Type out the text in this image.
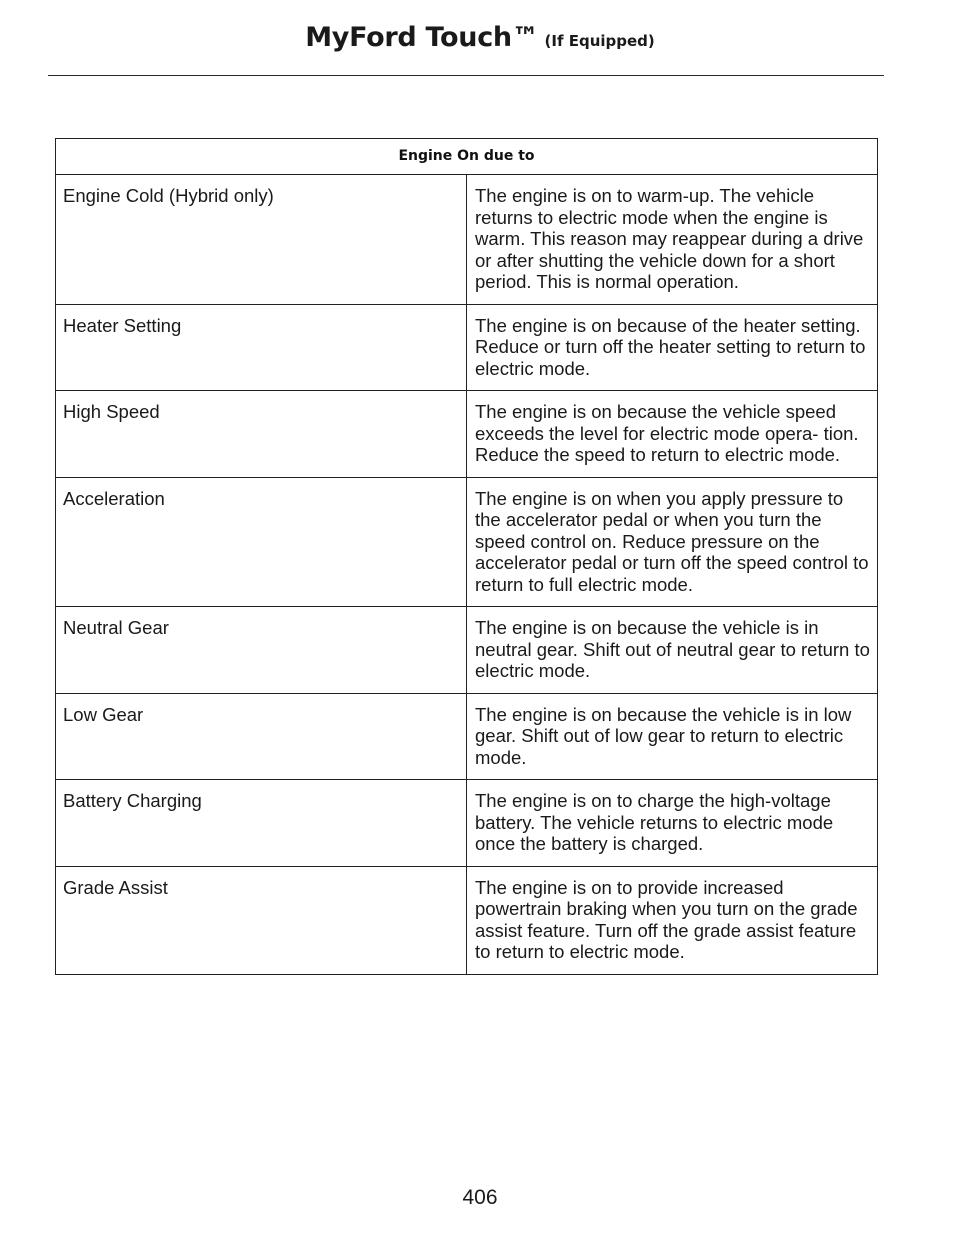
MyFord Touch™ (If Equipped)
Engine On due to	
Engine Cold (Hybrid only)	The engine is on to warm-up. The vehicle returns to electric mode when the engine is warm. This reason may reappear during a drive or after shutting the vehicle down for a short period. This is normal operation.
Heater Setting	The engine is on because of the heater setting. Reduce or turn off the heater setting to return to electric mode.
High Speed	The engine is on because the vehicle speed exceeds the level for electric mode opera- tion. Reduce the speed to return to electric mode.
Acceleration	The engine is on when you apply pressure to the accelerator pedal or when you turn the speed control on. Reduce pressure on the accelerator pedal or turn off the speed control to return to full electric mode.
Neutral Gear	The engine is on because the vehicle is in neutral gear. Shift out of neutral gear to return to electric mode.
Low Gear	The engine is on because the vehicle is in low gear. Shift out of low gear to return to electric mode.
Battery Charging	The engine is on to charge the high-voltage battery. The vehicle returns to electric mode once the battery is charged.
Grade Assist	The engine is on to provide increased powertrain braking when you turn on the grade assist feature. Turn off the grade assist feature to return to electric mode.
406
